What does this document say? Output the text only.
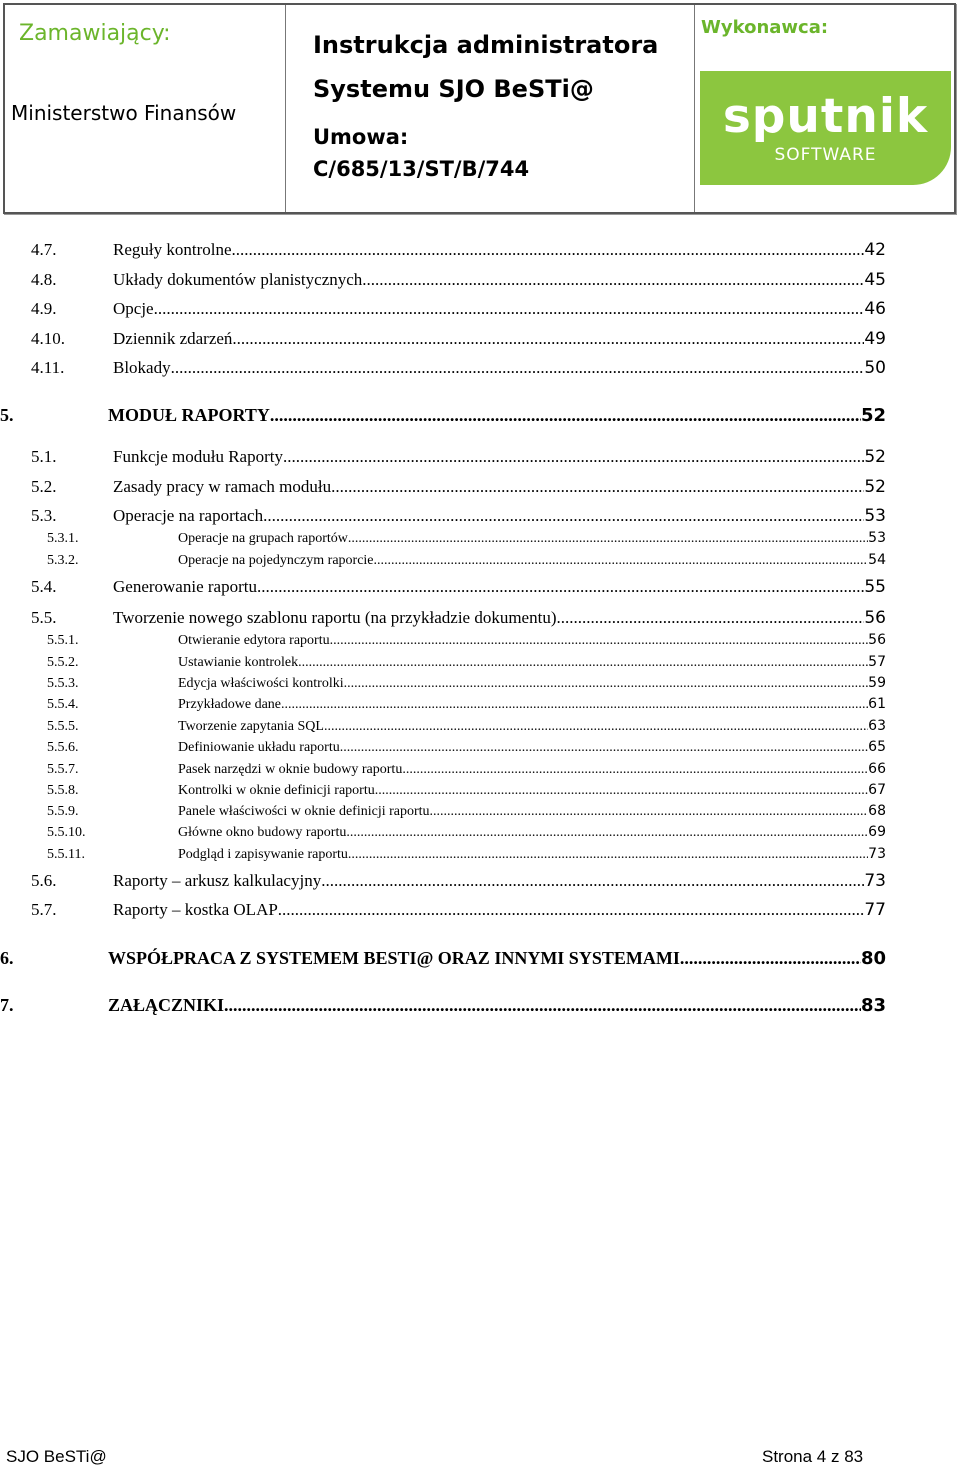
Zamawiający:
Ministerstwo Finansów
Instrukcja administratora
Systemu SJO BeSTi@
Umowa:
C/685/13/ST/B/744
Wykonawca:
sputnik
SOFTWARE
4.7.	Reguły kontrolne .....	42
4.8.	Układy dokumentów planistycznych .....	45
4.9.	Opcje .....	46
4.10.	Dziennik zdarzeń .....	49
4.11.	Blokady .....	50
5.	MODUŁ RAPORTY .....	52
5.1.	Funkcje modułu Raporty .....	52
5.2.	Zasady pracy w ramach modułu .....	52
5.3.	Operacje na raportach .....	53
5.3.1.	Operacje na grupach raportów .....	53
5.3.2.	Operacje na pojedynczym raporcie .....	54
5.4.	Generowanie raportu .....	55
5.5.	Tworzenie nowego szablonu raportu (na przykładzie dokumentu) .....	56
5.5.1.	Otwieranie edytora raportu .....	56
5.5.2.	Ustawianie kontrolek .....	57
5.5.3.	Edycja właściwości kontrolki .....	59
5.5.4.	Przykładowe dane .....	61
5.5.5.	Tworzenie zapytania SQL .....	63
5.5.6.	Definiowanie układu raportu .....	65
5.5.7.	Pasek narzędzi w oknie budowy raportu .....	66
5.5.8.	Kontrolki w oknie definicji raportu .....	67
5.5.9.	Panele właściwości w oknie definicji raportu .....	68
5.5.10.	Główne okno budowy raportu .....	69
5.5.11.	Podgląd i zapisywanie raportu .....	73
5.6.	Raporty – arkusz kalkulacyjny .....	73
5.7.	Raporty – kostka OLAP .....	77
6.	WSPÓŁPRACA Z SYSTEMEM BESTI@ ORAZ INNYMI SYSTEMAMI .....	80
7.	ZAŁĄCZNIKI .....	83
SJO BeSTi@	Strona 4 z 83
